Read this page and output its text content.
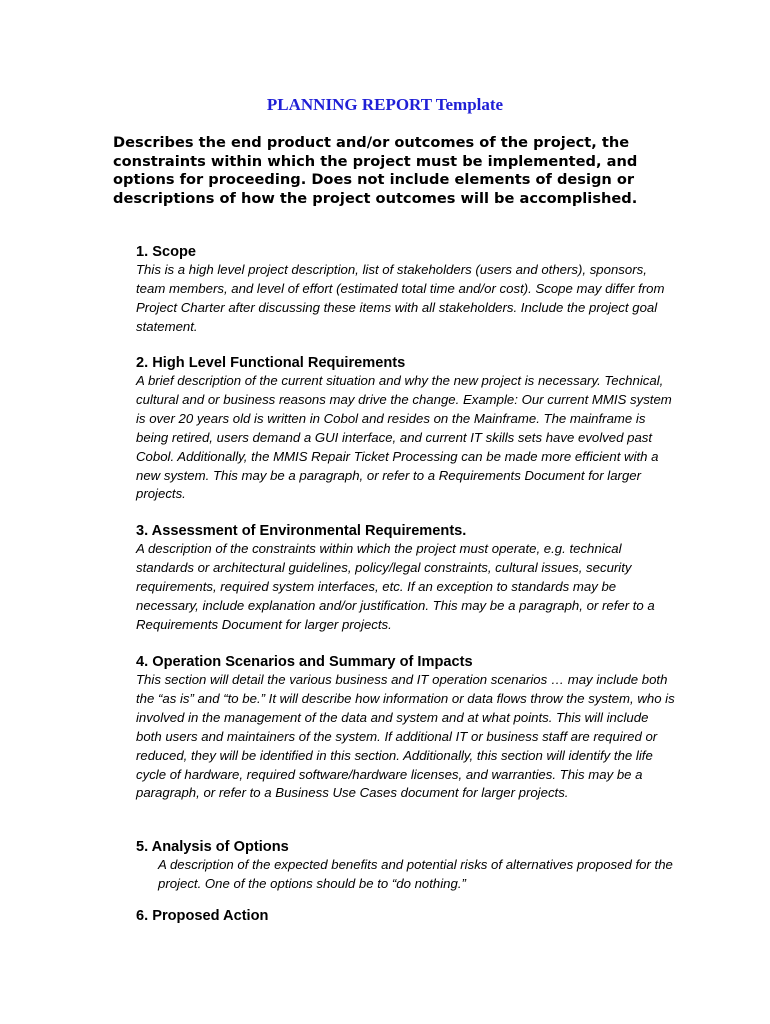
PLANNING REPORT Template

Describes the end product and/or outcomes of the project, the constraints within which the project must be implemented, and options for proceeding. Does not include elements of design or descriptions of how the project outcomes will be accomplished.

1. Scope

This is a high level project description, list of stakeholders (users and others), sponsors, team members, and level of effort (estimated total time and/or cost). Scope may differ from Project Charter after discussing these items with all stakeholders. Include the project goal statement.

2. High Level Functional Requirements

A brief description of the current situation and why the new project is necessary. Technical, cultural and or business reasons may drive the change. Example: Our current MMIS system is over 20 years old is written in Cobol and resides on the Mainframe. The mainframe is being retired, users demand a GUI interface, and current IT skills sets have evolved past Cobol. Additionally, the MMIS Repair Ticket Processing can be made more efficient with a new system. This may be a paragraph, or refer to a Requirements Document for larger projects.

3. Assessment of Environmental Requirements.

A description of the constraints within which the project must operate, e.g. technical standards or architectural guidelines, policy/legal constraints, cultural issues, security requirements, required system interfaces, etc. If an exception to standards may be necessary, include explanation and/or justification. This may be a paragraph, or refer to a Requirements Document for larger projects.

4. Operation Scenarios and Summary of Impacts

This section will detail the various business and IT operation scenarios … may include both the “as is” and “to be.” It will describe how information or data flows throw the system, who is involved in the management of the data and system and at what points. This will include both users and maintainers of the system. If additional IT or business staff are required or reduced, they will be identified in this section. Additionally, this section will identify the life cycle of hardware, required software/hardware licenses, and warranties. This may be a paragraph, or refer to a Business Use Cases document for larger projects.

5. Analysis of Options

A description of the expected benefits and potential risks of alternatives proposed for the project. One of the options should be to “do nothing.”

6. Proposed Action
